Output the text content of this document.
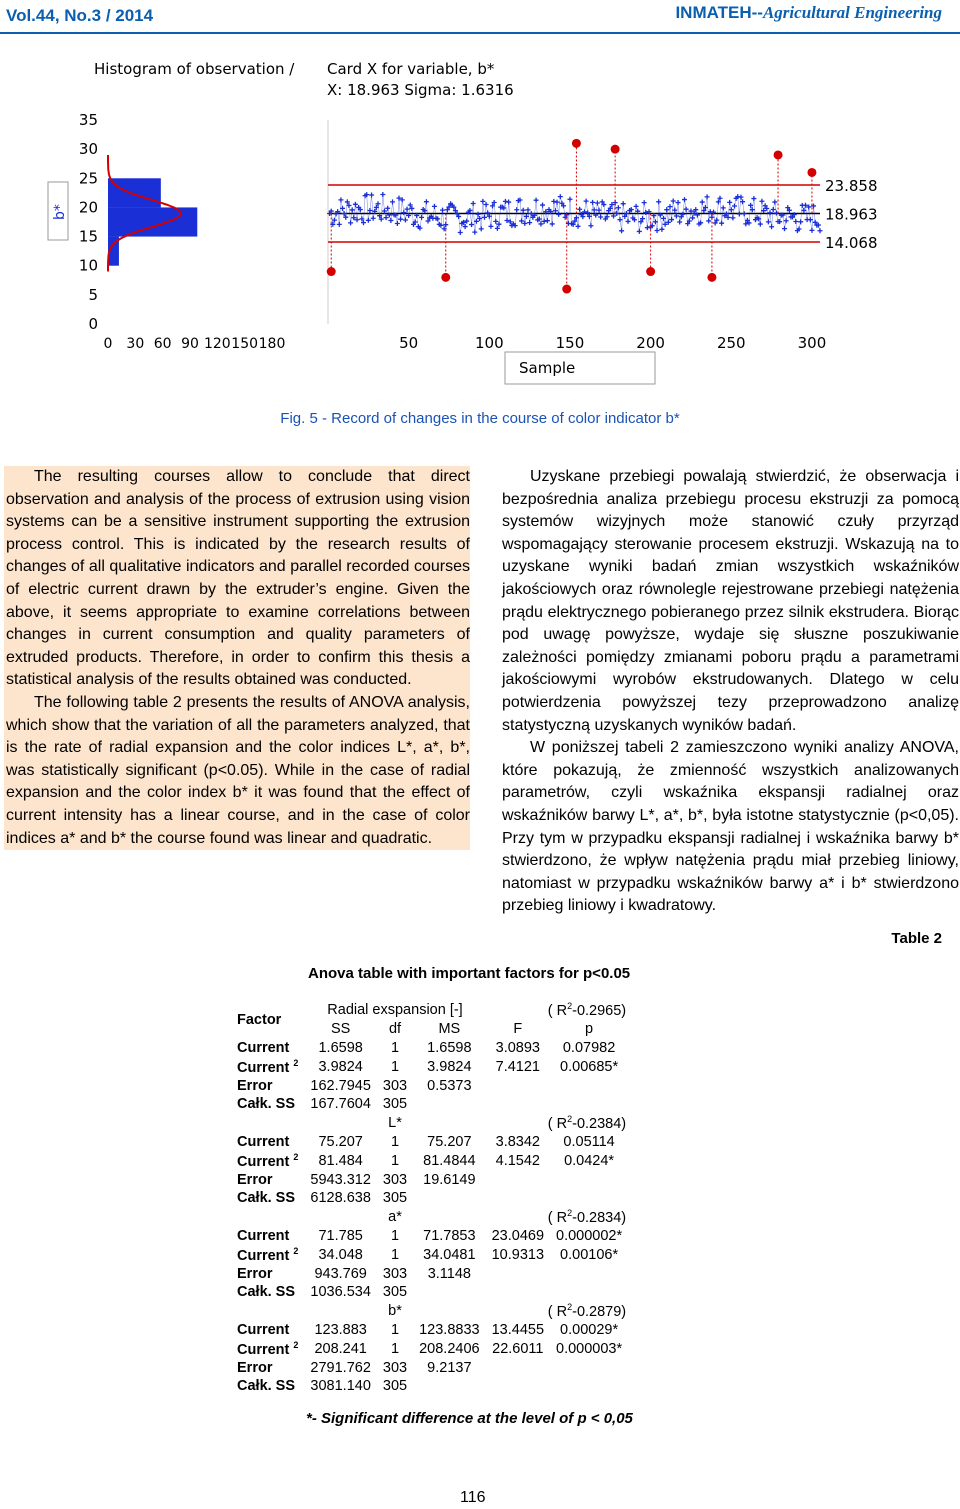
Vol.44, No.3 / 2014	INMATEH--Agricultural Engineering
Histogram of observation / Card X for variable, b*
X: 18.963 Sigma: 1.6316
0
5
10
15
20
25
30
35
0 30 60 90 120 150 180
23.858
18.963
14.068
50	100	150	200	250	300
b*
Sample
Fig. 5 - Record of changes in the course of color indicator b*

The resulting courses allow to conclude that direct observation and analysis of the process of extrusion using vision systems can be a sensitive instrument supporting the extrusion process control. This is indicated by the research results of changes of all qualitative indicators and parallel recorded courses of electric current drawn by the extruder’s engine. Given the above, it seems appropriate to examine correlations between changes in current consumption and quality parameters of extruded products. Therefore, in order to confirm this thesis a statistical analysis of the results obtained was conducted.

The following table 2 presents the results of ANOVA analysis, which show that the variation of all the parameters analyzed, that is the rate of radial expansion and the color indices L*, a*, b*, was statistically significant (p<0.05). While in the case of radial expansion and the color index b* it was found that the effect of current intensity has a linear course, and in the case of color indices a* and b* the course found was linear and quadratic.

Uzyskane przebiegi powalają stwierdzić, że obserwacja i bezpośrednia analiza przebiegu procesu ekstruzji za pomocą systemów wizyjnych może stanowić czuły przyrząd wspomagający sterowanie procesem ekstruzji. Wskazują na to uzyskane wyniki badań zmian wszystkich wskaźników jakościowych oraz równolegle rejestrowane przebiegi natężenia prądu elektrycznego pobieranego przez silnik ekstrudera. Biorąc pod uwagę powyższe, wydaje się słuszne poszukiwanie zależności pomiędzy zmianami poboru prądu a parametrami jakościowymi wyrobów ekstrudowanych. Dlatego w celu potwierdzenia powyższej tezy przeprowadzono analizę statystyczną uzyskanych wyników badań.

W poniższej tabeli 2 zamieszczono wyniki analizy ANOVA, które pokazują, że zmienność wszystkich analizowanych parametrów, czyli wskaźnika ekspansji radialnej oraz wskaźników barwy L*, a*, b*, była istotne statystycznie (p<0,05). Przy tym w przypadku ekspansji radialnej i wskaźnika barwy b* stwierdzono, że wpływ natężenia prądu miał przebieg liniowy, natomiast w przypadku wskaźników barwy a* i b* stwierdzono przebieg liniowy i kwadratowy.

Table 2
Anova table with important factors for p<0.05
Factor	Radial exspansion [-]			( $R^2-0.2965$)	
	SS	df	MS	F	p
Current	1.6598	1	1.6598	3.0893	0.07982
Current $^2$	3.9824	1	3.9824	7.4121	0.00685*
Error	162.7945	303	0.5373		
Całk. SS	167.7604	305			
	L*			( $R^2-0.2384$)	
Current	75.207	1	75.207	3.8342	0.05114
Current $^2$	81.484	1	81.4844	4.1542	0.0424*
Error	5943.312	303	19.6149		
Całk. SS	6128.638	305			
	a*			( $R^2-0.2834$)	
Current	71.785	1	71.7853	23.0469	0.000002*
Current $^2$	34.048	1	34.0481	10.9313	0.00106*
Error	943.769	303	3.1148		
Całk. SS	1036.534	305			
	b*			( $R^2-0.2879$)	
Current	123.883	1	123.8833	13.4455	0.00029*
Current $^2$	208.241	1	208.2406	22.6011	0.000003*
Error	2791.762	303	9.2137		
Całk. SS	3081.140	305			
*- Significant difference at the level of p < 0,05
116
